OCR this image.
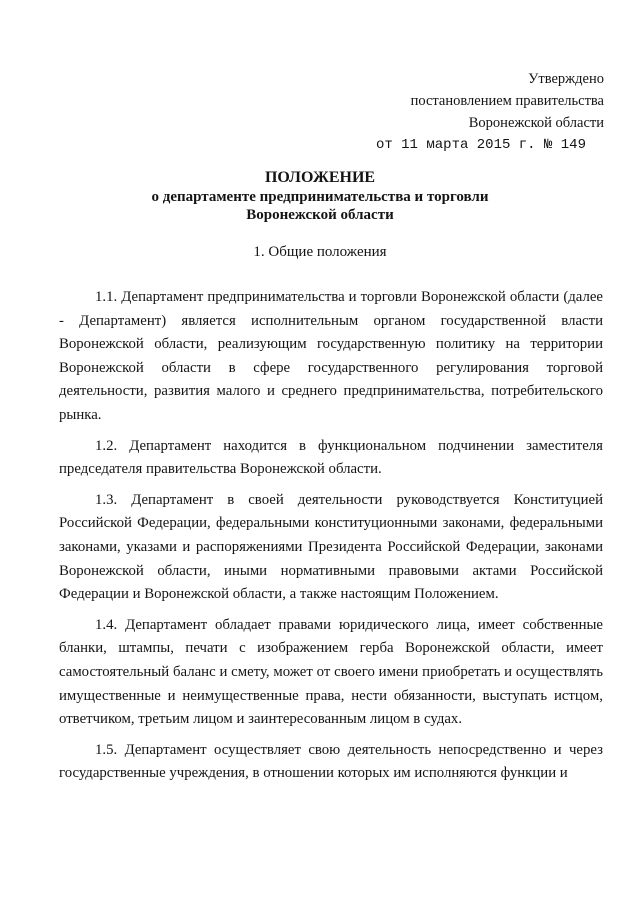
Утверждено
постановлением правительства
Воронежской области
от 11 марта 2015 г. № 149

ПОЛОЖЕНИЕ

о департаменте предпринимательства и торговли

Воронежской области

1. Общие положения

1.1. Департамент предпринимательства и торговли Воронежской области (далее - Департамент) является исполнительным органом государственной власти Воронежской области, реализующим государственную политику на территории Воронежской области в сфере государственного регулирования торговой деятельности, развития малого и среднего предпринимательства, потребительского рынка.

1.2. Департамент находится в функциональном подчинении заместителя председателя правительства Воронежской области.

1.3. Департамент в своей деятельности руководствуется Конституцией Российской Федерации, федеральными конституционными законами, федеральными законами, указами и распоряжениями Президента Российской Федерации, законами Воронежской области, иными нормативными правовыми актами Российской Федерации и Воронежской области, а также настоящим Положением.

1.4. Департамент обладает правами юридического лица, имеет собственные бланки, штампы, печати с изображением герба Воронежской области, имеет самостоятельный баланс и смету, может от своего имени приобретать и осуществлять имущественные и неимущественные права, нести обязанности, выступать истцом, ответчиком, третьим лицом и заинтересованным лицом в судах.

1.5. Департамент осуществляет свою деятельность непосредственно и через государственные учреждения, в отношении которых им исполняются функции и
